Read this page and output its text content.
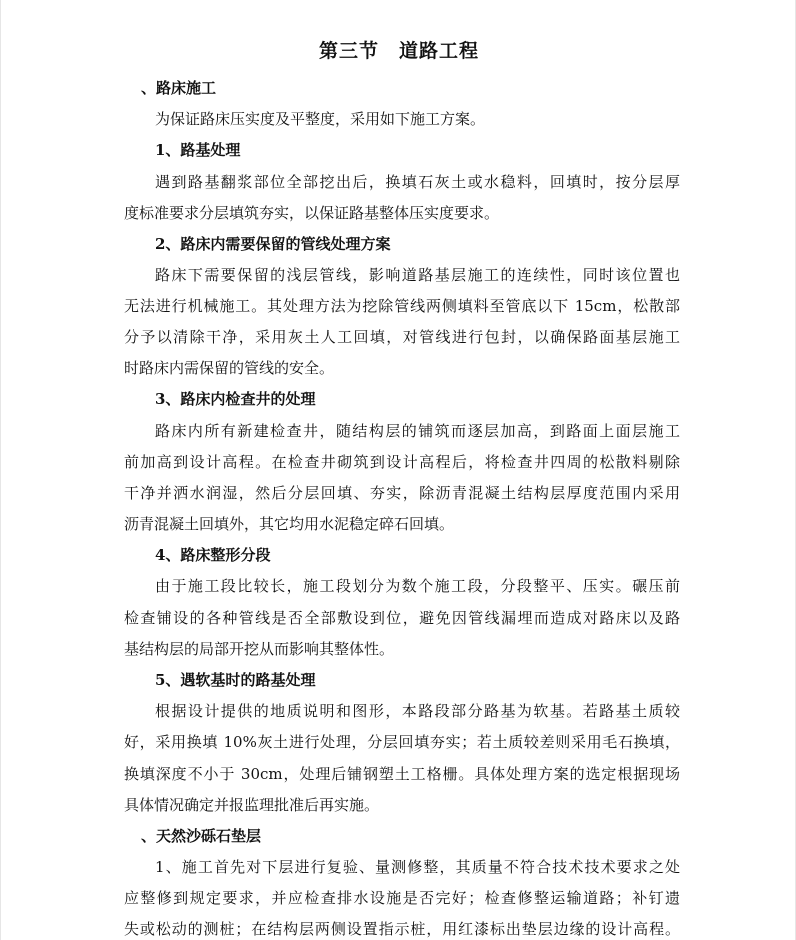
第三节　道路工程
、路床施工
为保证路床压实度及平整度，采用如下施工方案。
1、路基处理
遇到路基翻浆部位全部挖出后，换填石灰土或水稳料，回填时，按分层厚
度标准要求分层填筑夯实，以保证路基整体压实度要求。
2、路床内需要保留的管线处理方案
路床下需要保留的浅层管线，影响道路基层施工的连续性，同时该位置也
无法进行机械施工。其处理方法为挖除管线两侧填料至管底以下 15cm，松散部
分予以清除干净，采用灰土人工回填，对管线进行包封，以确保路面基层施工
时路床内需保留的管线的安全。
3、路床内检查井的处理
路床内所有新建检查井，随结构层的铺筑而逐层加高，到路面上面层施工
前加高到设计高程。在检查井砌筑到设计高程后，将检查井四周的松散料剔除
干净并洒水润湿，然后分层回填、夯实，除沥青混凝土结构层厚度范围内采用
沥青混凝土回填外，其它均用水泥稳定碎石回填。
4、路床整形分段
由于施工段比较长，施工段划分为数个施工段，分段整平、压实。碾压前
检查铺设的各种管线是否全部敷设到位，避免因管线漏埋而造成对路床以及路
基结构层的局部开挖从而影响其整体性。
5、遇软基时的路基处理
根据设计提供的地质说明和图形，本路段部分路基为软基。若路基土质较
好，采用换填 10%灰土进行处理，分层回填夯实；若土质较差则采用毛石换填，
换填深度不小于 30cm，处理后铺钢塑土工格栅。具体处理方案的选定根据现场
具体情况确定并报监理批准后再实施。
、天然沙砾石垫层
1、施工首先对下层进行复验、量测修整，其质量不符合技术技术要求之处
应整修到规定要求，并应检查排水设施是否完好；检查修整运输道路；补钉遗
失或松动的测桩；在结构层两侧设置指示桩，用红漆标出垫层边缘的设计高程。
